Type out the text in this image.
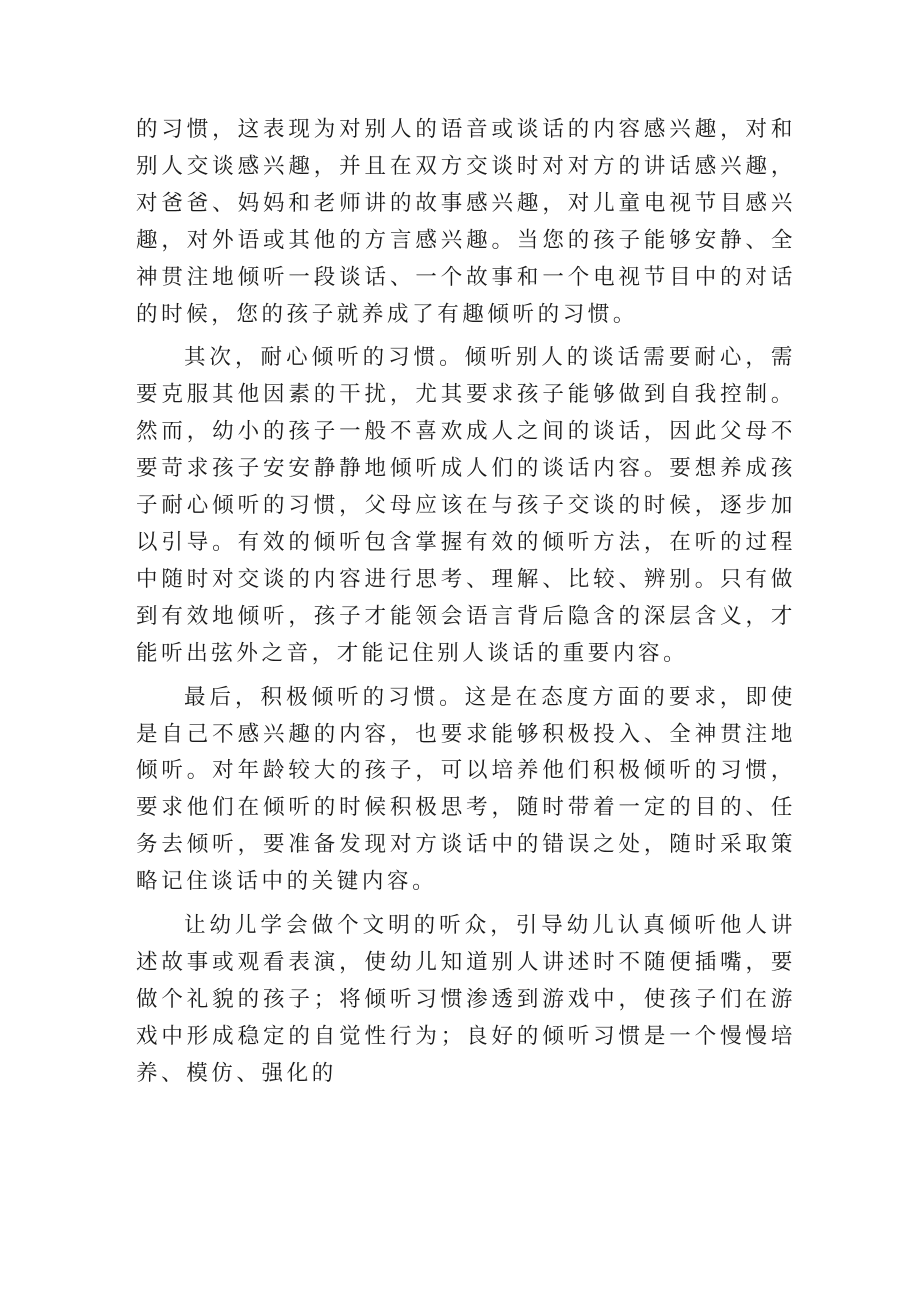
的习惯，这表现为对别人的语音或谈话的内容感兴趣，对和别人交谈感兴趣，并且在双方交谈时对对方的讲话感兴趣，对爸爸、妈妈和老师讲的故事感兴趣，对儿童电视节目感兴趣，对外语或其他的方言感兴趣。当您的孩子能够安静、全神贯注地倾听一段谈话、一个故事和一个电视节目中的对话的时候，您的孩子就养成了有趣倾听的习惯。

其次，耐心倾听的习惯。倾听别人的谈话需要耐心，需要克服其他因素的干扰，尤其要求孩子能够做到自我控制。然而，幼小的孩子一般不喜欢成人之间的谈话，因此父母不要苛求孩子安安静静地倾听成人们的谈话内容。要想养成孩子耐心倾听的习惯，父母应该在与孩子交谈的时候，逐步加以引导。有效的倾听包含掌握有效的倾听方法，在听的过程中随时对交谈的内容进行思考、理解、比较、辨别。只有做到有效地倾听，孩子才能领会语言背后隐含的深层含义，才能听出弦外之音，才能记住别人谈话的重要内容。

最后，积极倾听的习惯。这是在态度方面的要求，即使是自己不感兴趣的内容，也要求能够积极投入、全神贯注地倾听。对年龄较大的孩子，可以培养他们积极倾听的习惯，要求他们在倾听的时候积极思考，随时带着一定的目的、任务去倾听，要准备发现对方谈话中的错误之处，随时采取策略记住谈话中的关键内容。

让幼儿学会做个文明的听众，引导幼儿认真倾听他人讲述故事或观看表演，使幼儿知道别人讲述时不随便插嘴，要做个礼貌的孩子；将倾听习惯渗透到游戏中，使孩子们在游戏中形成稳定的自觉性行为；良好的倾听习惯是一个慢慢培养、模仿、强化的
